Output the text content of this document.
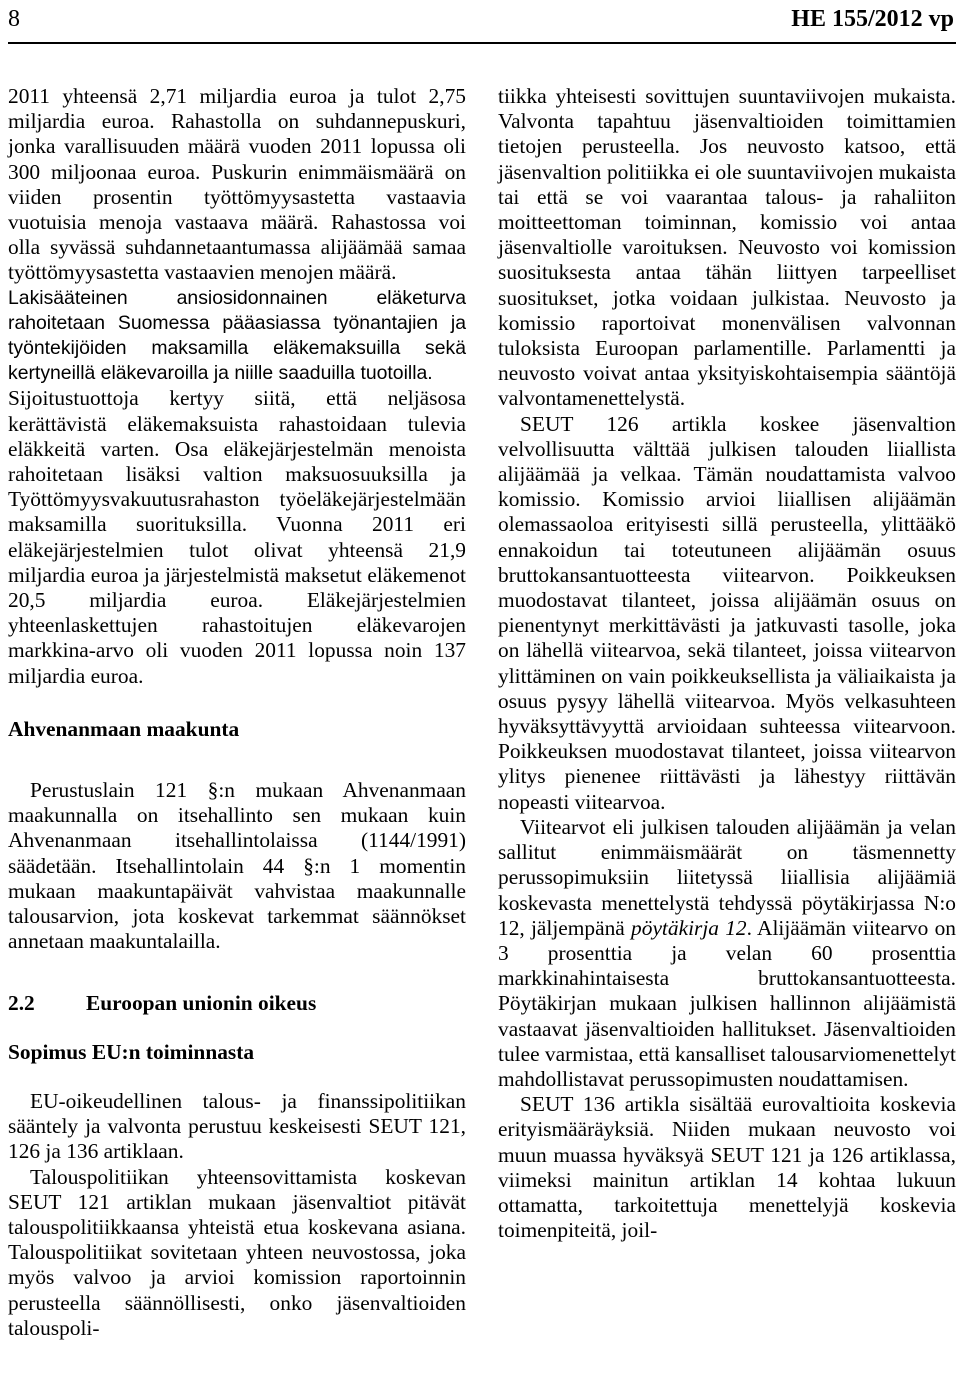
8	HE 155/2012 vp

2011 yhteensä 2,71 miljardia euroa ja tulot 2,75 miljardia euroa. Rahastolla on suhdannepuskuri, jonka varallisuuden määrä vuoden 2011 lopussa oli 300 miljoonaa euroa. Puskurin enimmäismäärä on viiden prosentin työttömyysastetta vastaavia vuotuisia menoja vastaava määrä. Rahastossa voi olla syvässä suhdannetaantumassa alijäämää samaa työttömyysastetta vastaavien menojen määrä.

Lakisääteinen ansiosidonnainen eläketurva rahoitetaan Suomessa pääasiassa työnantajien ja työntekijöiden maksamilla eläkemaksuilla sekä kertyneillä eläkevaroilla ja niille saaduilla tuotoilla.

Sijoitustuottoja kertyy siitä, että neljäsosa kerättävistä eläkemaksuista rahastoidaan tulevia eläkkeitä varten. Osa eläkejärjestelmän menoista rahoitetaan lisäksi valtion maksuosuuksilla ja Työttömyysvakuutusrahaston työeläkejärjestelmään maksamilla suorituksilla. Vuonna 2011 eri eläkejärjestelmien tulot olivat yhteensä 21,9 miljardia euroa ja järjestelmistä maksetut eläkemenot 20,5 miljardia euroa. Eläkejärjestelmien yhteenlaskettujen rahastoitujen eläkevarojen markkina-arvo oli vuoden 2011 lopussa noin 137 miljardia euroa.

Ahvenanmaan maakunta

Perustuslain 121 §:n mukaan Ahvenanmaan maakunnalla on itsehallinto sen mukaan kuin Ahvenanmaan itsehallintolaissa (1144/1991) säädetään. Itsehallintolain 44 §:n 1 momentin mukaan maakuntapäivät vahvistaa maakunnalle talousarvion, jota koskevat tarkemmat säännökset annetaan maakuntalailla.

2.2 Euroopan unionin oikeus
Sopimus EU:n toiminnasta

EU-oikeudellinen talous- ja finanssipolitiikan sääntely ja valvonta perustuu keskeisesti SEUT 121, 126 ja 136 artiklaan.

Talouspolitiikan yhteensovittamista koskevan SEUT 121 artiklan mukaan jäsenvaltiot pitävät talouspolitiikkaansa yhteistä etua koskevana asiana. Talouspolitiikat sovitetaan yhteen neuvostossa, joka myös valvoo ja arvioi komission raportoinnin perusteella säännöllisesti, onko jäsenvaltioiden talouspoli-

tiikka yhteisesti sovittujen suuntaviivojen mukaista. Valvonta tapahtuu jäsenvaltioiden toimittamien tietojen perusteella. Jos neuvosto katsoo, että jäsenvaltion politiikka ei ole suuntaviivojen mukaista tai että se voi vaarantaa talous- ja rahaliiton moitteettoman toiminnan, komissio voi antaa jäsenvaltiolle varoituksen. Neuvosto voi komission suosituksesta antaa tähän liittyen tarpeelliset suositukset, jotka voidaan julkistaa. Neuvosto ja komissio raportoivat monenvälisen valvonnan tuloksista Euroopan parlamentille. Parlamentti ja neuvosto voivat antaa yksityiskohtaisempia sääntöjä valvontamenettelystä.

SEUT 126 artikla koskee jäsenvaltion velvollisuutta välttää julkisen talouden liiallista alijäämää ja velkaa. Tämän noudattamista valvoo komissio. Komissio arvioi liiallisen alijäämän olemassaoloa erityisesti sillä perusteella, ylittääkö ennakoidun tai toteutuneen alijäämän osuus bruttokansantuotteesta viitearvon. Poikkeuksen muodostavat tilanteet, joissa alijäämän osuus on pienentynyt merkittävästi ja jatkuvasti tasolle, joka on lähellä viitearvoa, sekä tilanteet, joissa viitearvon ylittäminen on vain poikkeuksellista ja väliaikaista ja osuus pysyy lähellä viitearvoa. Myös velkasuhteen hyväksyttävyyttä arvioidaan suhteessa viitearvoon. Poikkeuksen muodostavat tilanteet, joissa viitearvon ylitys pienenee riittävästi ja lähestyy riittävän nopeasti viitearvoa.

Viitearvot eli julkisen talouden alijäämän ja velan sallitut enimmäismäärät on täsmennetty perussopimuksiin liitetyssä liiallisia alijäämiä koskevasta menettelystä tehdyssä pöytäkirjassa N:o 12, jäljempänä pöytäkirja 12. Alijäämän viitearvo on 3 prosenttia ja velan 60 prosenttia markkinahintaisesta bruttokansantuotteesta. Pöytäkirjan mukaan julkisen hallinnon alijäämistä vastaavat jäsenvaltioiden hallitukset. Jäsenvaltioiden tulee varmistaa, että kansalliset talousarviomenettelyt mahdollistavat perussopimusten noudattamisen.

SEUT 136 artikla sisältää eurovaltioita koskevia erityismääräyksiä. Niiden mukaan neuvosto voi muun muassa hyväksyä SEUT 121 ja 126 artiklassa, viimeksi mainitun artiklan 14 kohtaa lukuun ottamatta, tarkoitettuja menettelyjä koskevia toimenpiteitä, joil-
